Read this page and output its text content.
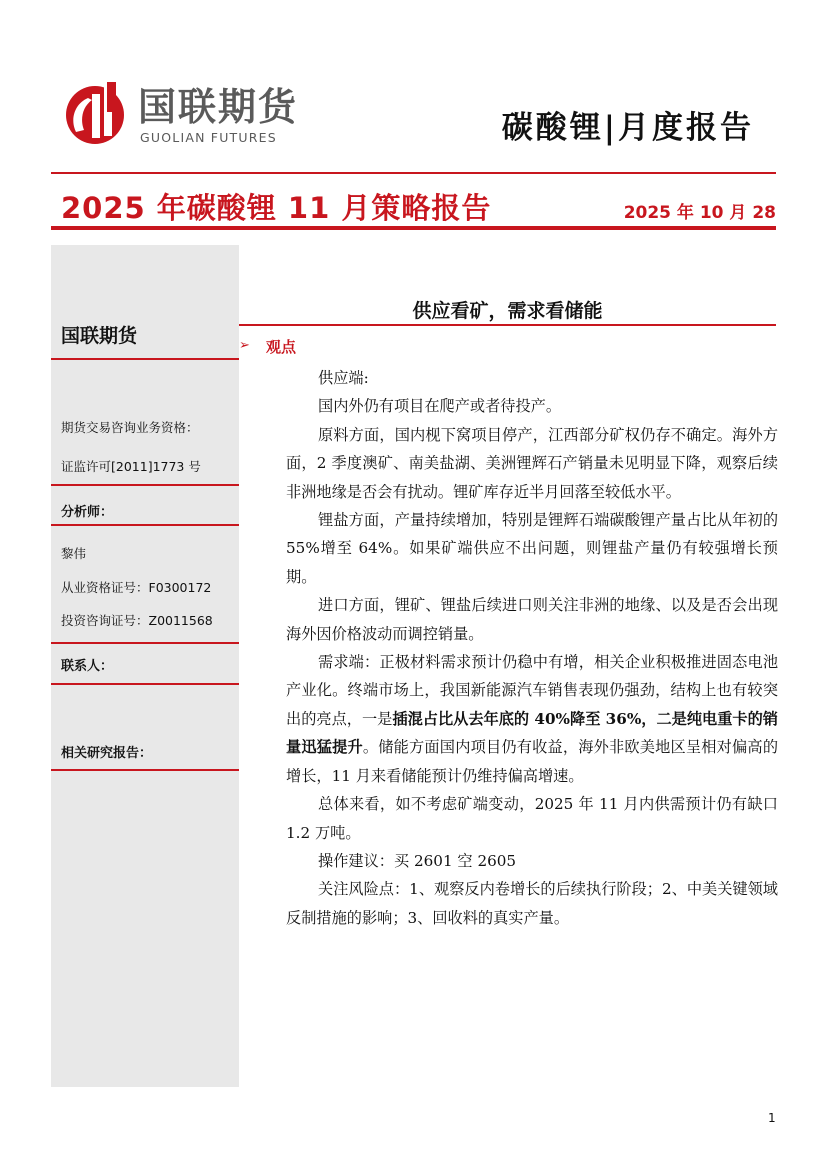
国联期货
GUOLIAN FUTURES	碳酸锂|月度报告
2025 年碳酸锂 11 月策略报告	2025 年 10 月 28
国联期货
期货交易咨询业务资格：
证监许可[2011]1773 号
分析师：
黎伟
从业资格证号：F0300172
投资咨询证号：Z0011568
联系人：
相关研究报告：
供应看矿，需求看储能
➢ 观点

供应端:

国内外仍有项目在爬产或者待投产。

原料方面，国内枧下窝项目停产，江西部分矿权仍存不确定。海外方面，2 季度澳矿、南美盐湖、美洲锂辉石产销量未见明显下降，观察后续非洲地缘是否会有扰动。锂矿库存近半月回落至较低水平。

锂盐方面，产量持续增加，特别是锂辉石端碳酸锂产量占比从年初的 55%增至 64%。如果矿端供应不出问题，则锂盐产量仍有较强增长预期。

进口方面，锂矿、锂盐后续进口则关注非洲的地缘、以及是否会出现海外因价格波动而调控销量。

需求端：正极材料需求预计仍稳中有增，相关企业积极推进固态电池产业化。终端市场上，我国新能源汽车销售表现仍强劲，结构上也有较突出的亮点，一是插混占比从去年底的 40%降至 36%，二是纯电重卡的销量迅猛提升。储能方面国内项目仍有收益，海外非欧美地区呈相对偏高的增长，11 月来看储能预计仍维持偏高增速。

总体来看，如不考虑矿端变动，2025 年 11 月内供需预计仍有缺口 1.2 万吨。

操作建议：买 2601 空 2605

关注风险点：1、观察反内卷增长的后续执行阶段；2、中美关键领域反制措施的影响；3、回收料的真实产量。

1
